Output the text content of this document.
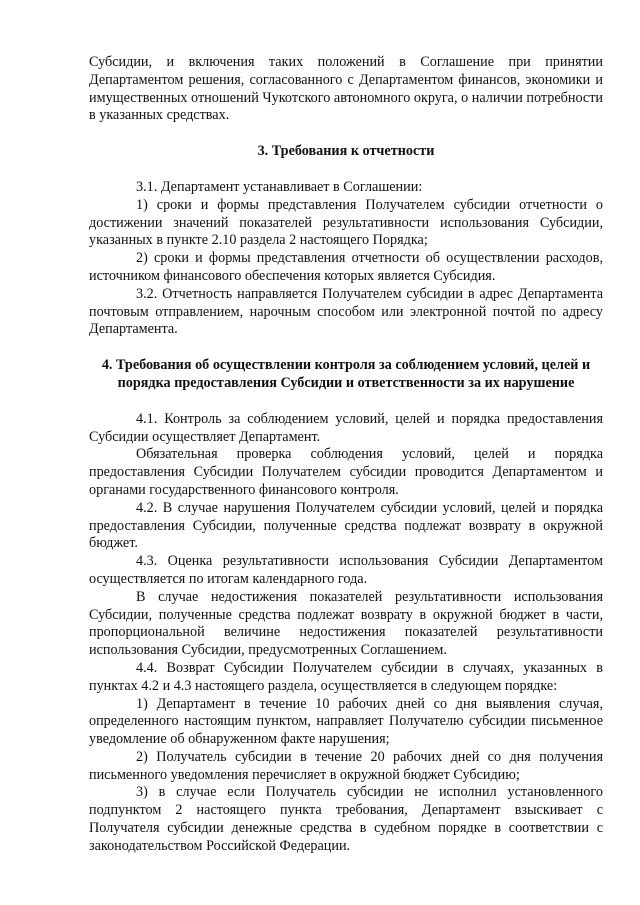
Субсидии, и включения таких положений в Соглашение при принятии Департаментом решения, согласованного с Департаментом финансов, экономики и имущественных отношений Чукотского автономного округа, о наличии потребности в указанных средствах.

3. Требования к отчетности

3.1. Департамент устанавливает в Соглашении:

1) сроки и формы представления Получателем субсидии отчетности о достижении значений показателей результативности использования Субсидии, указанных в пункте 2.10 раздела 2 настоящего Порядка;

2) сроки и формы представления отчетности об осуществлении расходов, источником финансового обеспечения которых является Субсидия.

3.2. Отчетность направляется Получателем субсидии в адрес Департамента почтовым отправлением, нарочным способом или электронной почтой по адресу Департамента.

4. Требования об осуществлении контроля за соблюдением условий, целей и порядка предоставления Субсидии и ответственности за их нарушение

4.1. Контроль за соблюдением условий, целей и порядка предоставления Субсидии осуществляет Департамент.

Обязательная проверка соблюдения условий, целей и порядка предоставления Субсидии Получателем субсидии проводится Департаментом и органами государственного финансового контроля.

4.2. В случае нарушения Получателем субсидии условий, целей и порядка предоставления Субсидии, полученные средства подлежат возврату в окружной бюджет.

4.3. Оценка результативности использования Субсидии Департаментом осуществляется по итогам календарного года.

В случае недостижения показателей результативности использования Субсидии, полученные средства подлежат возврату в окружной бюджет в части, пропорциональной величине недостижения показателей результативности использования Субсидии, предусмотренных Соглашением.

4.4. Возврат Субсидии Получателем субсидии в случаях, указанных в пунктах 4.2 и 4.3 настоящего раздела, осуществляется в следующем порядке:

1) Департамент в течение 10 рабочих дней со дня выявления случая, определенного настоящим пунктом, направляет Получателю субсидии письменное уведомление об обнаруженном факте нарушения;

2) Получатель субсидии в течение 20 рабочих дней со дня получения письменного уведомления перечисляет в окружной бюджет Субсидию;

3) в случае если Получатель субсидии не исполнил установленного подпунктом 2 настоящего пункта требования, Департамент взыскивает с Получателя субсидии денежные средства в судебном порядке в соответствии с законодательством Российской Федерации.
